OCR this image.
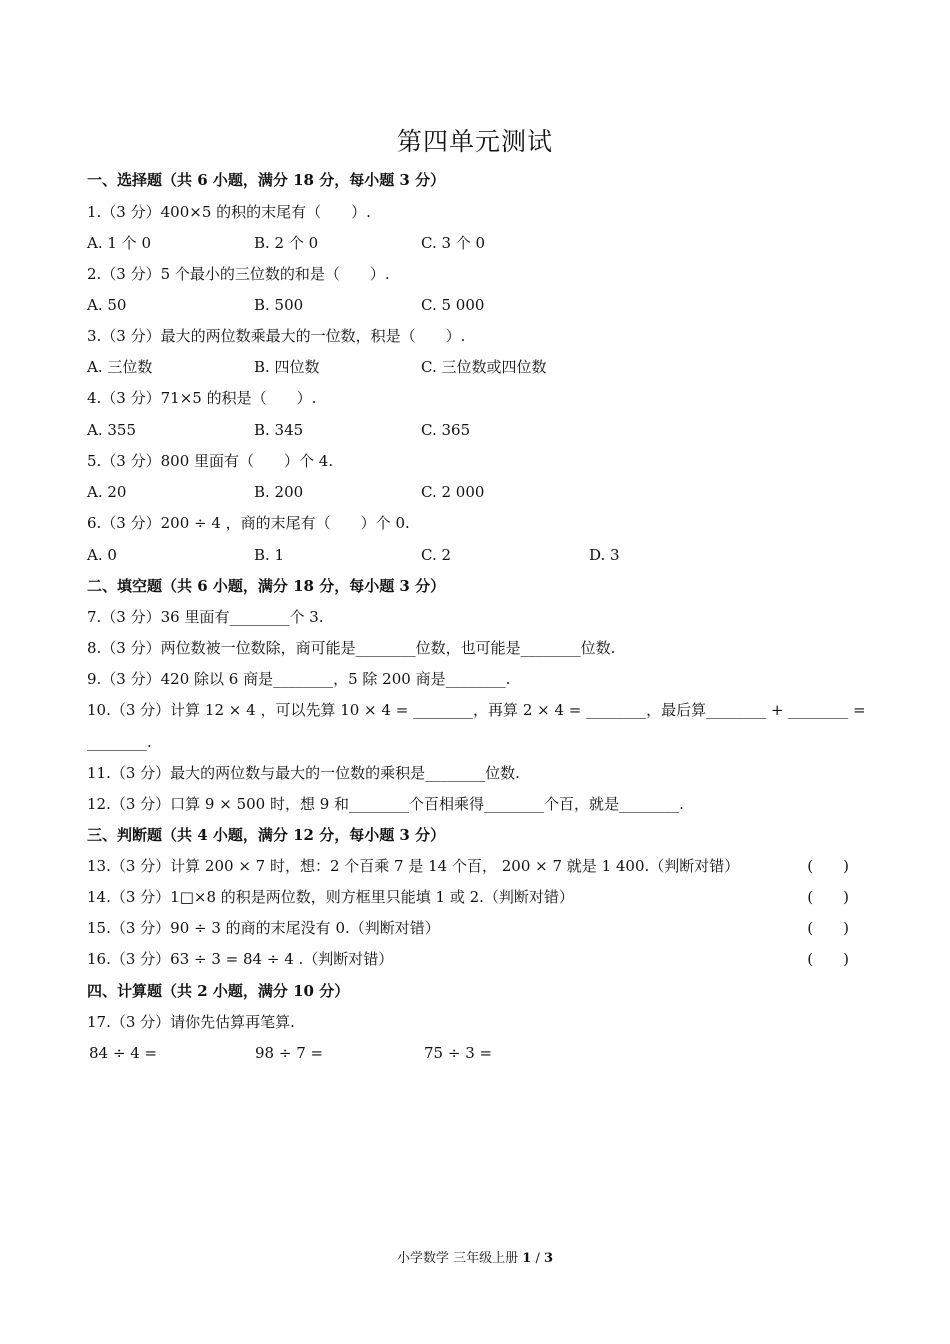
第四单元测试
一、选择题（共 6 小题，满分 18 分，每小题 3 分）
1.（3 分）400×5 的积的末尾有（　　）.
A. 1 个 0	B. 2 个 0	C. 3 个 0
2.（3 分）5 个最小的三位数的和是（　　）.
A. 50	B. 500	C. 5 000
3.（3 分）最大的两位数乘最大的一位数，积是（　　）.
A. 三位数	B. 四位数	C. 三位数或四位数
4.（3 分）71×5 的积是（　　）.
A. 355	B. 345	C. 365
5.（3 分）800 里面有（　　）个 4.
A. 20	B. 200	C. 2 000
6.（3 分）200 ÷ 4 ，商的末尾有（　　）个 0.
A. 0	B. 1	C. 2	D. 3
二、填空题（共 6 小题，满分 18 分，每小题 3 分）
7.（3 分）36 里面有________个 3.
8.（3 分）两位数被一位数除，商可能是________位数，也可能是________位数.
9.（3 分）420 除以 6 商是________，5 除 200 商是________.
10.（3 分）计算 12 × 4 ，可以先算 10 × 4 = ________，再算 2 × 4 = ________，最后算________ + ________ =
________.
11.（3 分）最大的两位数与最大的一位数的乘积是________位数.
12.（3 分）口算 9 × 500 时，想 9 和________个百相乘得________个百，就是________.
三、判断题（共 4 小题，满分 12 分，每小题 3 分）
13.（3 分）计算 200 × 7 时，想：2 个百乘 7 是 14 个百， 200 × 7 就是 1 400.（判断对错）	(　　)
14.（3 分）1□×8 的积是两位数，则方框里只能填 1 或 2.（判断对错）	(　　)
15.（3 分）90 ÷ 3 的商的末尾没有 0.（判断对错）	(　　)
16.（3 分）63 ÷ 3 = 84 ÷ 4 .（判断对错）	(　　)
四、计算题（共 2 小题，满分 10 分）
17.（3 分）请你先估算再笔算.
84 ÷ 4 =	98 ÷ 7 =	75 ÷ 3 =
小学数学 三年级上册 1 / 3
